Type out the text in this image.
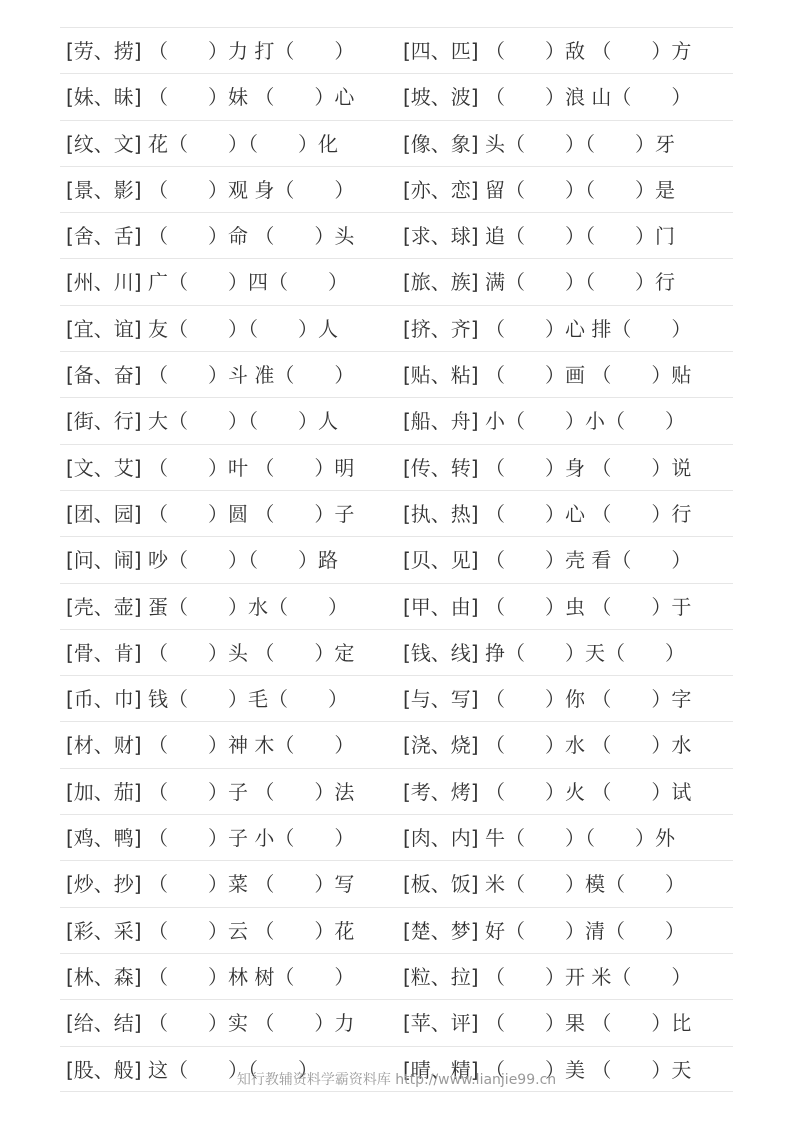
[劳、捞] （　　）力 打（　　） [四、匹] （　　）敌 （　　）方
[妹、昧] （　　）妹 （　　）心 [坡、波] （　　）浪 山（　　）
[纹、文] 花（　　）（　　）化	[像、象] 头（　　）（　　）牙
[景、影] （　　）观 身（　　） [亦、恋] 留（　　）（　　）是
[舍、舌] （　　）命 （　　）头 [求、球] 追（　　）（　　）门
[州、川] 广（　　）四（　　）	[旅、族] 满（　　）（　　）行
[宜、谊] 友（　　）（　　）人	[挤、齐] （　　）心 排（　　）
[备、奋] （　　）斗 准（　　） [贴、粘] （　　）画 （　　）贴
[街、行] 大（　　）（　　）人	[船、舟] 小（　　）小（　　）
[文、艾] （　　）叶 （　　）明 [传、转] （　　）身 （　　）说
[团、园] （　　）圆 （　　）子 [执、热] （　　）心 （　　）行
[问、闹] 吵（　　）（　　）路	[贝、见] （　　）壳 看（　　）
[壳、壶] 蛋（　　）水（　　）	[甲、由] （　　）虫 （　　）于
[骨、肯] （　　）头 （　　）定 [钱、线] 挣（　　）天（　　）
[币、巾] 钱（　　）毛（　　）	[与、写] （　　）你 （　　）字
[材、财] （　　）神 木（　　） [浇、烧] （　　）水 （　　）水
[加、茄] （　　）子 （　　）法 [考、烤] （　　）火 （　　）试
[鸡、鸭] （　　）子 小（　　） [肉、内] 牛（　　）（　　）外
[炒、抄] （　　）菜 （　　）写 [板、饭] 米（　　）模（　　）
[彩、采] （　　）云 （　　）花 [楚、梦] 好（　　）清（　　）
[林、森] （　　）林 树（　　） [粒、拉] （　　）开 米（　　）
[给、结] （　　）实 （　　）力 [苹、评] （　　）果 （　　）比
[股、般] 这（　　）（　　）	[晴、精] （　　）美 （　　）天
知行教辅资料学霸资料库 http://www.lianjie99.cn
